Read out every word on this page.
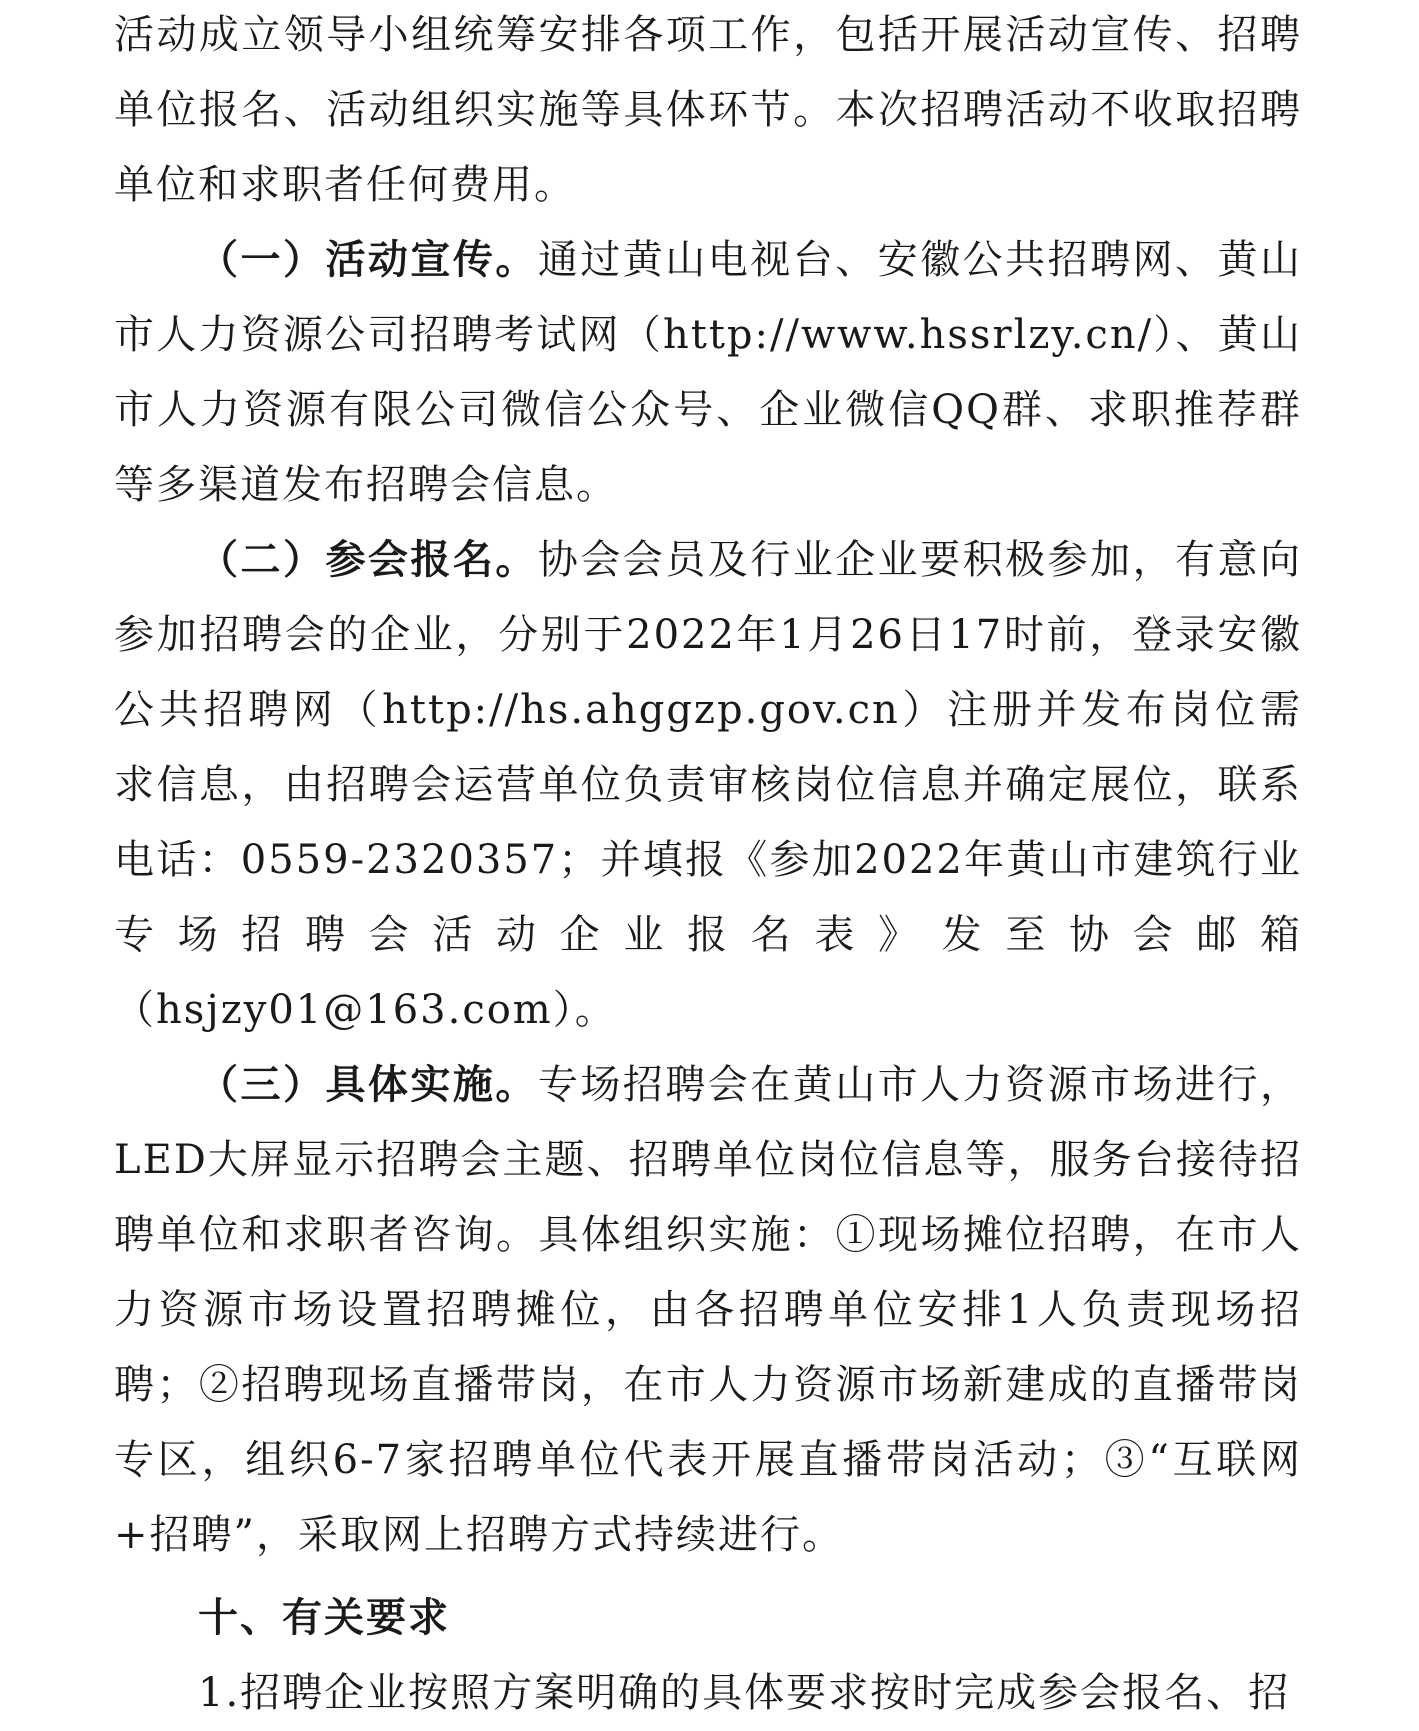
活动成立领导小组统筹安排各项工作，包括开展活动宣传、招聘单位报名、活动组织实施等具体环节。本次招聘活动不收取招聘单位和求职者任何费用。

（一）活动宣传。通过黄山电视台、安徽公共招聘网、黄山市人力资源公司招聘考试网（http://www.hssrlzy.cn/）、黄山市人力资源有限公司微信公众号、企业微信QQ群、求职推荐群等多渠道发布招聘会信息。

（二）参会报名。协会会员及行业企业要积极参加，有意向参加招聘会的企业，分别于2022年1月26日17时前，登录安徽公共招聘网（http://hs.ahggzp.gov.cn）注册并发布岗位需求信息，由招聘会运营单位负责审核岗位信息并确定展位，联系电话：0559-2320357；并填报《参加2022年黄山市建筑行业专场招聘会活动企业报名表》发至协会邮箱（hsjzy01@163.com）。

（三）具体实施。专场招聘会在黄山市人力资源市场进行，LED大屏显示招聘会主题、招聘单位岗位信息等，服务台接待招聘单位和求职者咨询。具体组织实施：①现场摊位招聘，在市人力资源市场设置招聘摊位，由各招聘单位安排1人负责现场招聘；②招聘现场直播带岗，在市人力资源市场新建成的直播带岗专区，组织6-7家招聘单位代表开展直播带岗活动；③“互联网+招聘”，采取网上招聘方式持续进行。

十、有关要求

1.招聘企业按照方案明确的具体要求按时完成参会报名、招
